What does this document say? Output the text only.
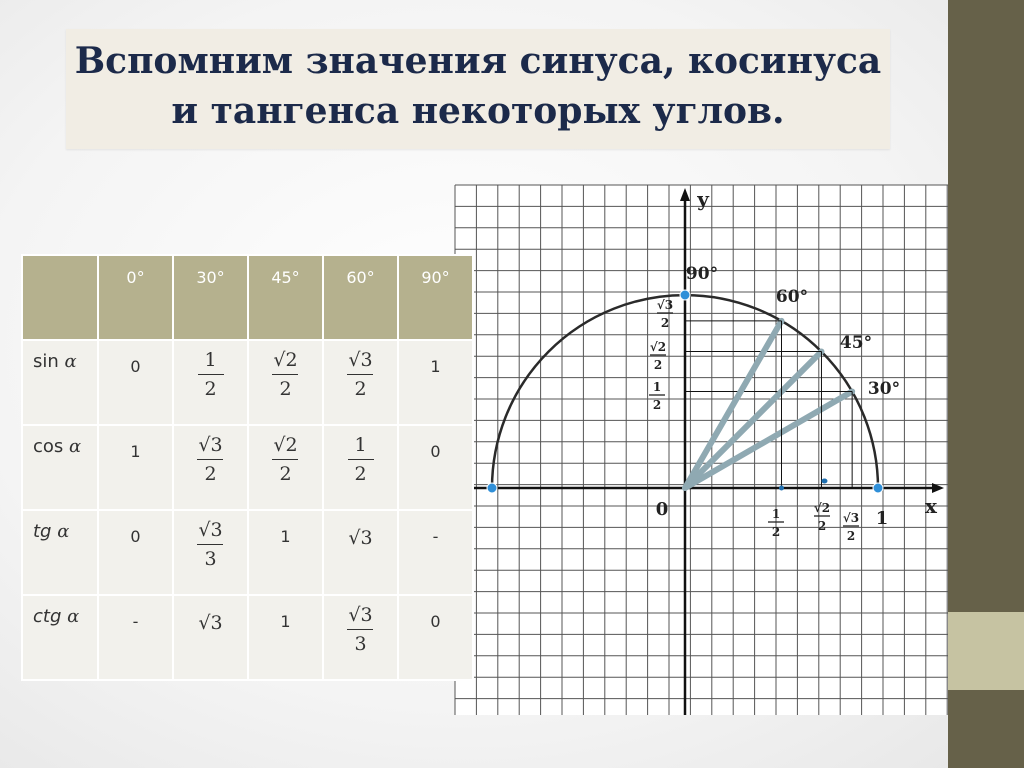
Вспомним значения синуса, косинуса
и тангенса некоторых углов.
y
x
0	1
90°
60°
45°
30°
1
2
√2
2
√3
2
√3
2
√2
2
1
2
	0°	30°	45°	60°	90°
sin α	0	$\frac{1}{2}$	$\frac{√2}{2}$	$\frac{√3}{2}$	1
cos α	1	$\frac{√3}{2}$	$\frac{√2}{2}$	$\frac{1}{2}$	0
tg α	0	$\frac{√3}{3}$	1	√3	-
ctg α	-	√3	1	$\frac{√3}{3}$	0
